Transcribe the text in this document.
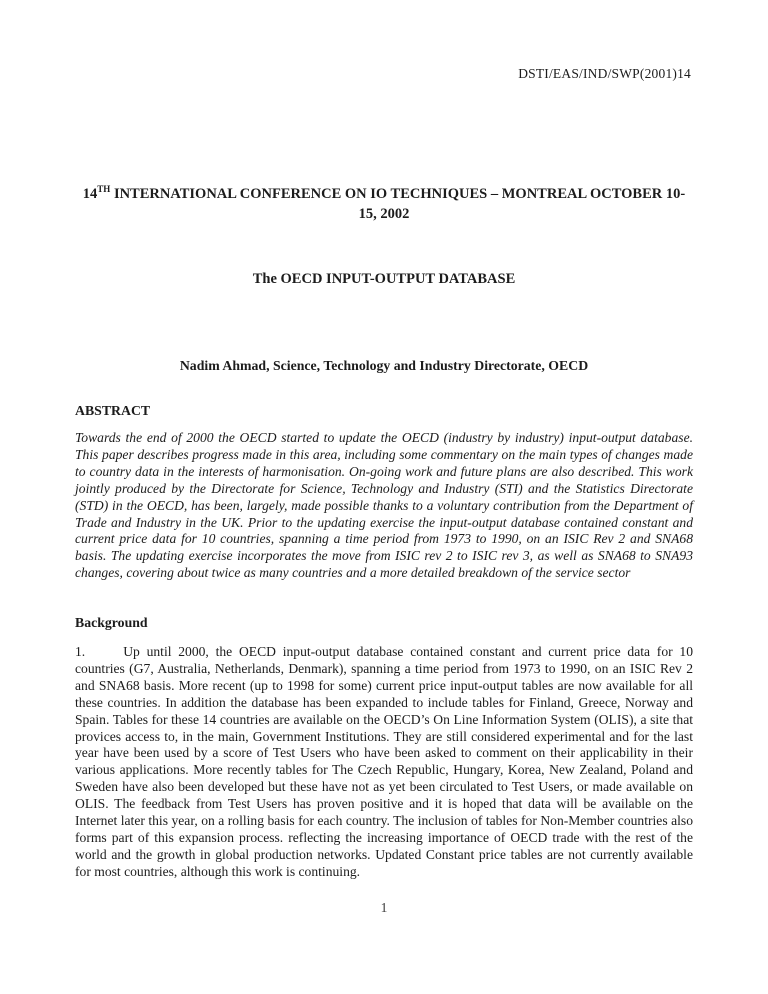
DSTI/EAS/IND/SWP(2001)14
14TH INTERNATIONAL CONFERENCE ON IO TECHNIQUES – MONTREAL OCTOBER 10-15, 2002
The OECD INPUT-OUTPUT DATABASE
Nadim Ahmad, Science, Technology and Industry Directorate, OECD
ABSTRACT

Towards the end of 2000 the OECD started to update the OECD (industry by industry) input-output database. This paper describes progress made in this area, including some commentary on the main types of changes made to country data in the interests of harmonisation. On-going work and future plans are also described. This work jointly produced by the Directorate for Science, Technology and Industry (STI) and the Statistics Directorate (STD) in the OECD, has been, largely, made possible thanks to a voluntary contribution from the Department of Trade and Industry in the UK. Prior to the updating exercise the input-output database contained constant and current price data for 10 countries, spanning a time period from 1973 to 1990, on an ISIC Rev 2 and SNA68 basis. The updating exercise incorporates the move from ISIC rev 2 to ISIC rev 3, as well as SNA68 to SNA93 changes, covering about twice as many countries and a more detailed breakdown of the service sector

Background

1.	Up until 2000, the OECD input-output database contained constant and current price data for 10 countries (G7, Australia, Netherlands, Denmark), spanning a time period from 1973 to 1990, on an ISIC Rev 2 and SNA68 basis. More recent (up to 1998 for some) current price input-output tables are now available for all these countries. In addition the database has been expanded to include tables for Finland, Greece, Norway and Spain. Tables for these 14 countries are available on the OECD’s On Line Information System (OLIS), a site that provices access to, in the main, Government Institutions. They are still considered experimental and for the last year have been used by a score of Test Users who have been asked to comment on their applicability in their various applications. More recently tables for The Czech Republic, Hungary, Korea, New Zealand, Poland and Sweden have also been developed but these have not as yet been circulated to Test Users, or made available on OLIS. The feedback from Test Users has proven positive and it is hoped that data will be available on the Internet later this year, on a rolling basis for each country. The inclusion of tables for Non-Member countries also forms part of this expansion process. reflecting the increasing importance of OECD trade with the rest of the world and the growth in global production networks. Updated Constant price tables are not currently available for most countries, although this work is continuing.

1
